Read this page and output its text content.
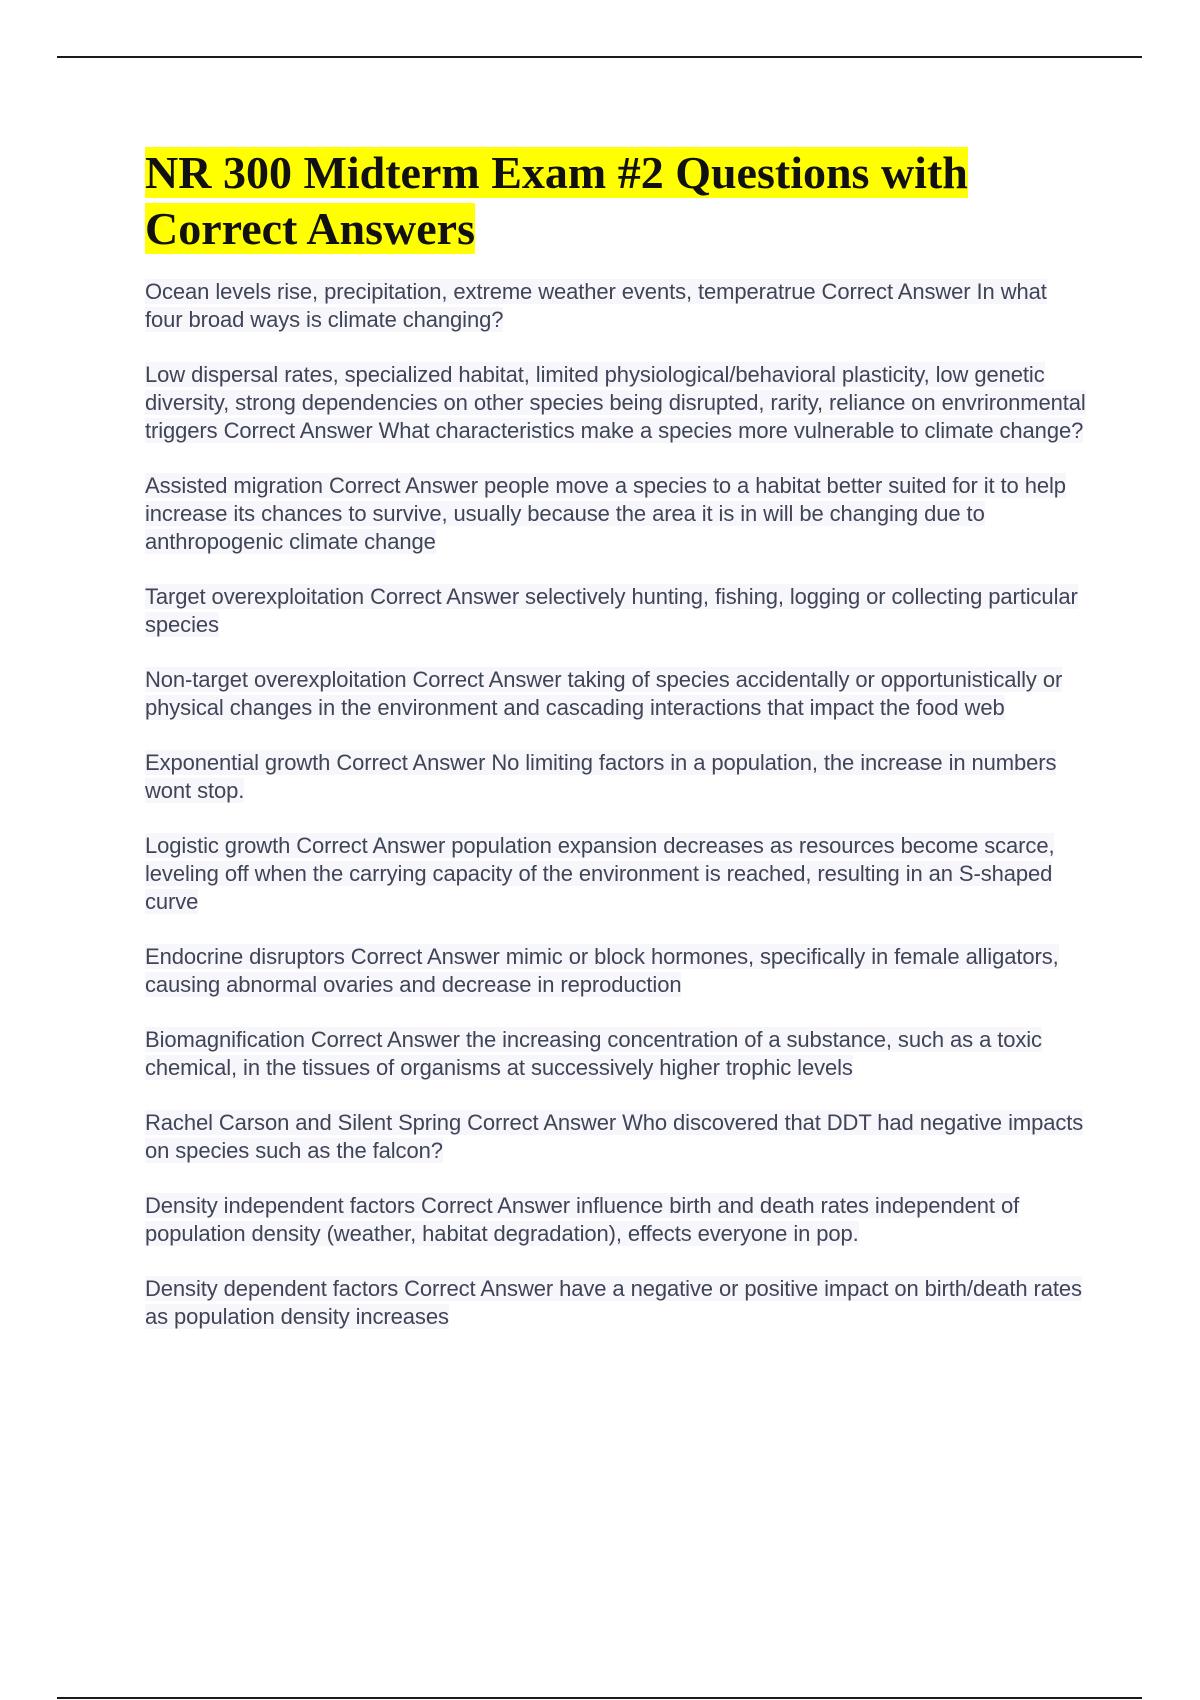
NR 300 Midterm Exam #2 Questions with Correct Answers

Ocean levels rise, precipitation, extreme weather events, temperatrue Correct Answer In what four broad ways is climate changing?

Low dispersal rates, specialized habitat, limited physiological/behavioral plasticity, low genetic diversity, strong dependencies on other species being disrupted, rarity, reliance on envrironmental triggers Correct Answer What characteristics make a species more vulnerable to climate change?

Assisted migration Correct Answer people move a species to a habitat better suited for it to help increase its chances to survive, usually because the area it is in will be changing due to anthropogenic climate change

Target overexploitation Correct Answer selectively hunting, fishing, logging or collecting particular species

Non-target overexploitation Correct Answer taking of species accidentally or opportunistically or physical changes in the environment and cascading interactions that impact the food web

Exponential growth Correct Answer No limiting factors in a population, the increase in numbers wont stop.

Logistic growth Correct Answer population expansion decreases as resources become scarce, leveling off when the carrying capacity of the environment is reached, resulting in an S-shaped curve

Endocrine disruptors Correct Answer mimic or block hormones, specifically in female alligators, causing abnormal ovaries and decrease in reproduction

Biomagnification Correct Answer the increasing concentration of a substance, such as a toxic chemical, in the tissues of organisms at successively higher trophic levels

Rachel Carson and Silent Spring Correct Answer Who discovered that DDT had negative impacts on species such as the falcon?

Density independent factors Correct Answer influence birth and death rates independent of population density (weather, habitat degradation), effects everyone in pop.

Density dependent factors Correct Answer have a negative or positive impact on birth/death rates as population density increases
